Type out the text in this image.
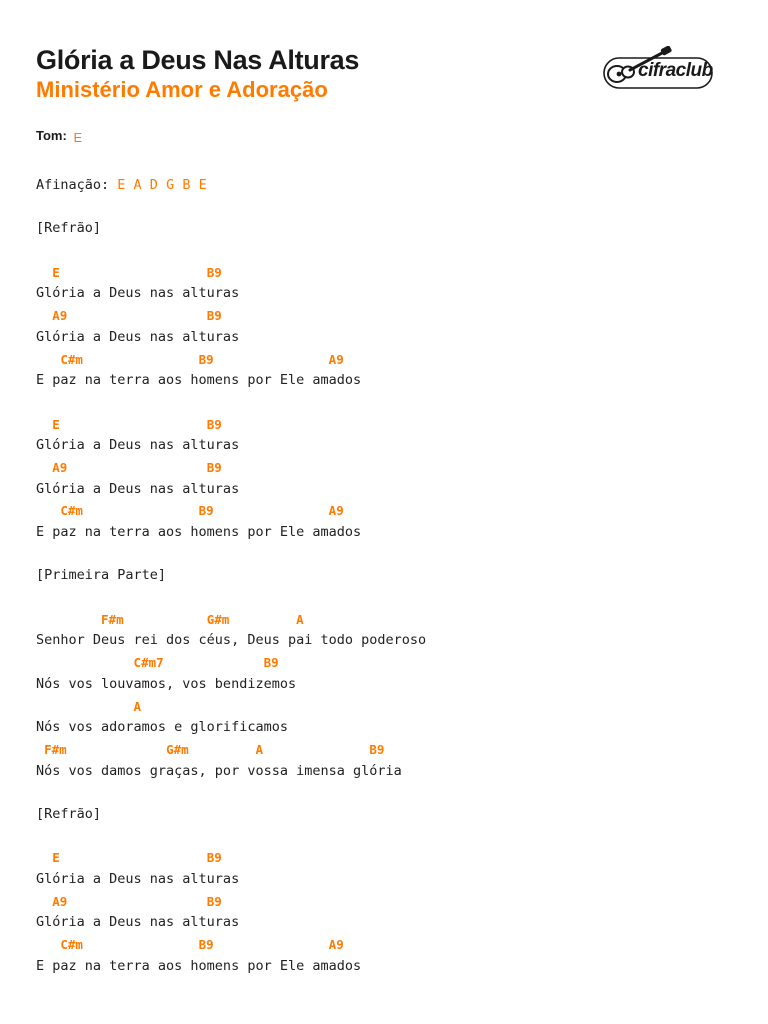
Glória a Deus Nas Alturas
Ministério Amor e Adoração
cifraclub
Tom: E
Afinação: E A D G B E
[Refrão]
E	B9
Glória a Deus nas alturas
A9	B9
Glória a Deus nas alturas
C#m	B9	A9
E paz na terra aos homens por Ele amados
E	B9
Glória a Deus nas alturas
A9	B9
Glória a Deus nas alturas
C#m	B9	A9
E paz na terra aos homens por Ele amados
[Primeira Parte]
F#m	G#m	A
Senhor Deus rei dos céus, Deus pai todo poderoso
C#m7	B9
Nós vos louvamos, vos bendizemos
A
Nós vos adoramos e glorificamos
F#m	G#m	A	B9
Nós vos damos graças, por vossa imensa glória
[Refrão]
E	B9
Glória a Deus nas alturas
A9	B9
Glória a Deus nas alturas
C#m	B9	A9
E paz na terra aos homens por Ele amados
